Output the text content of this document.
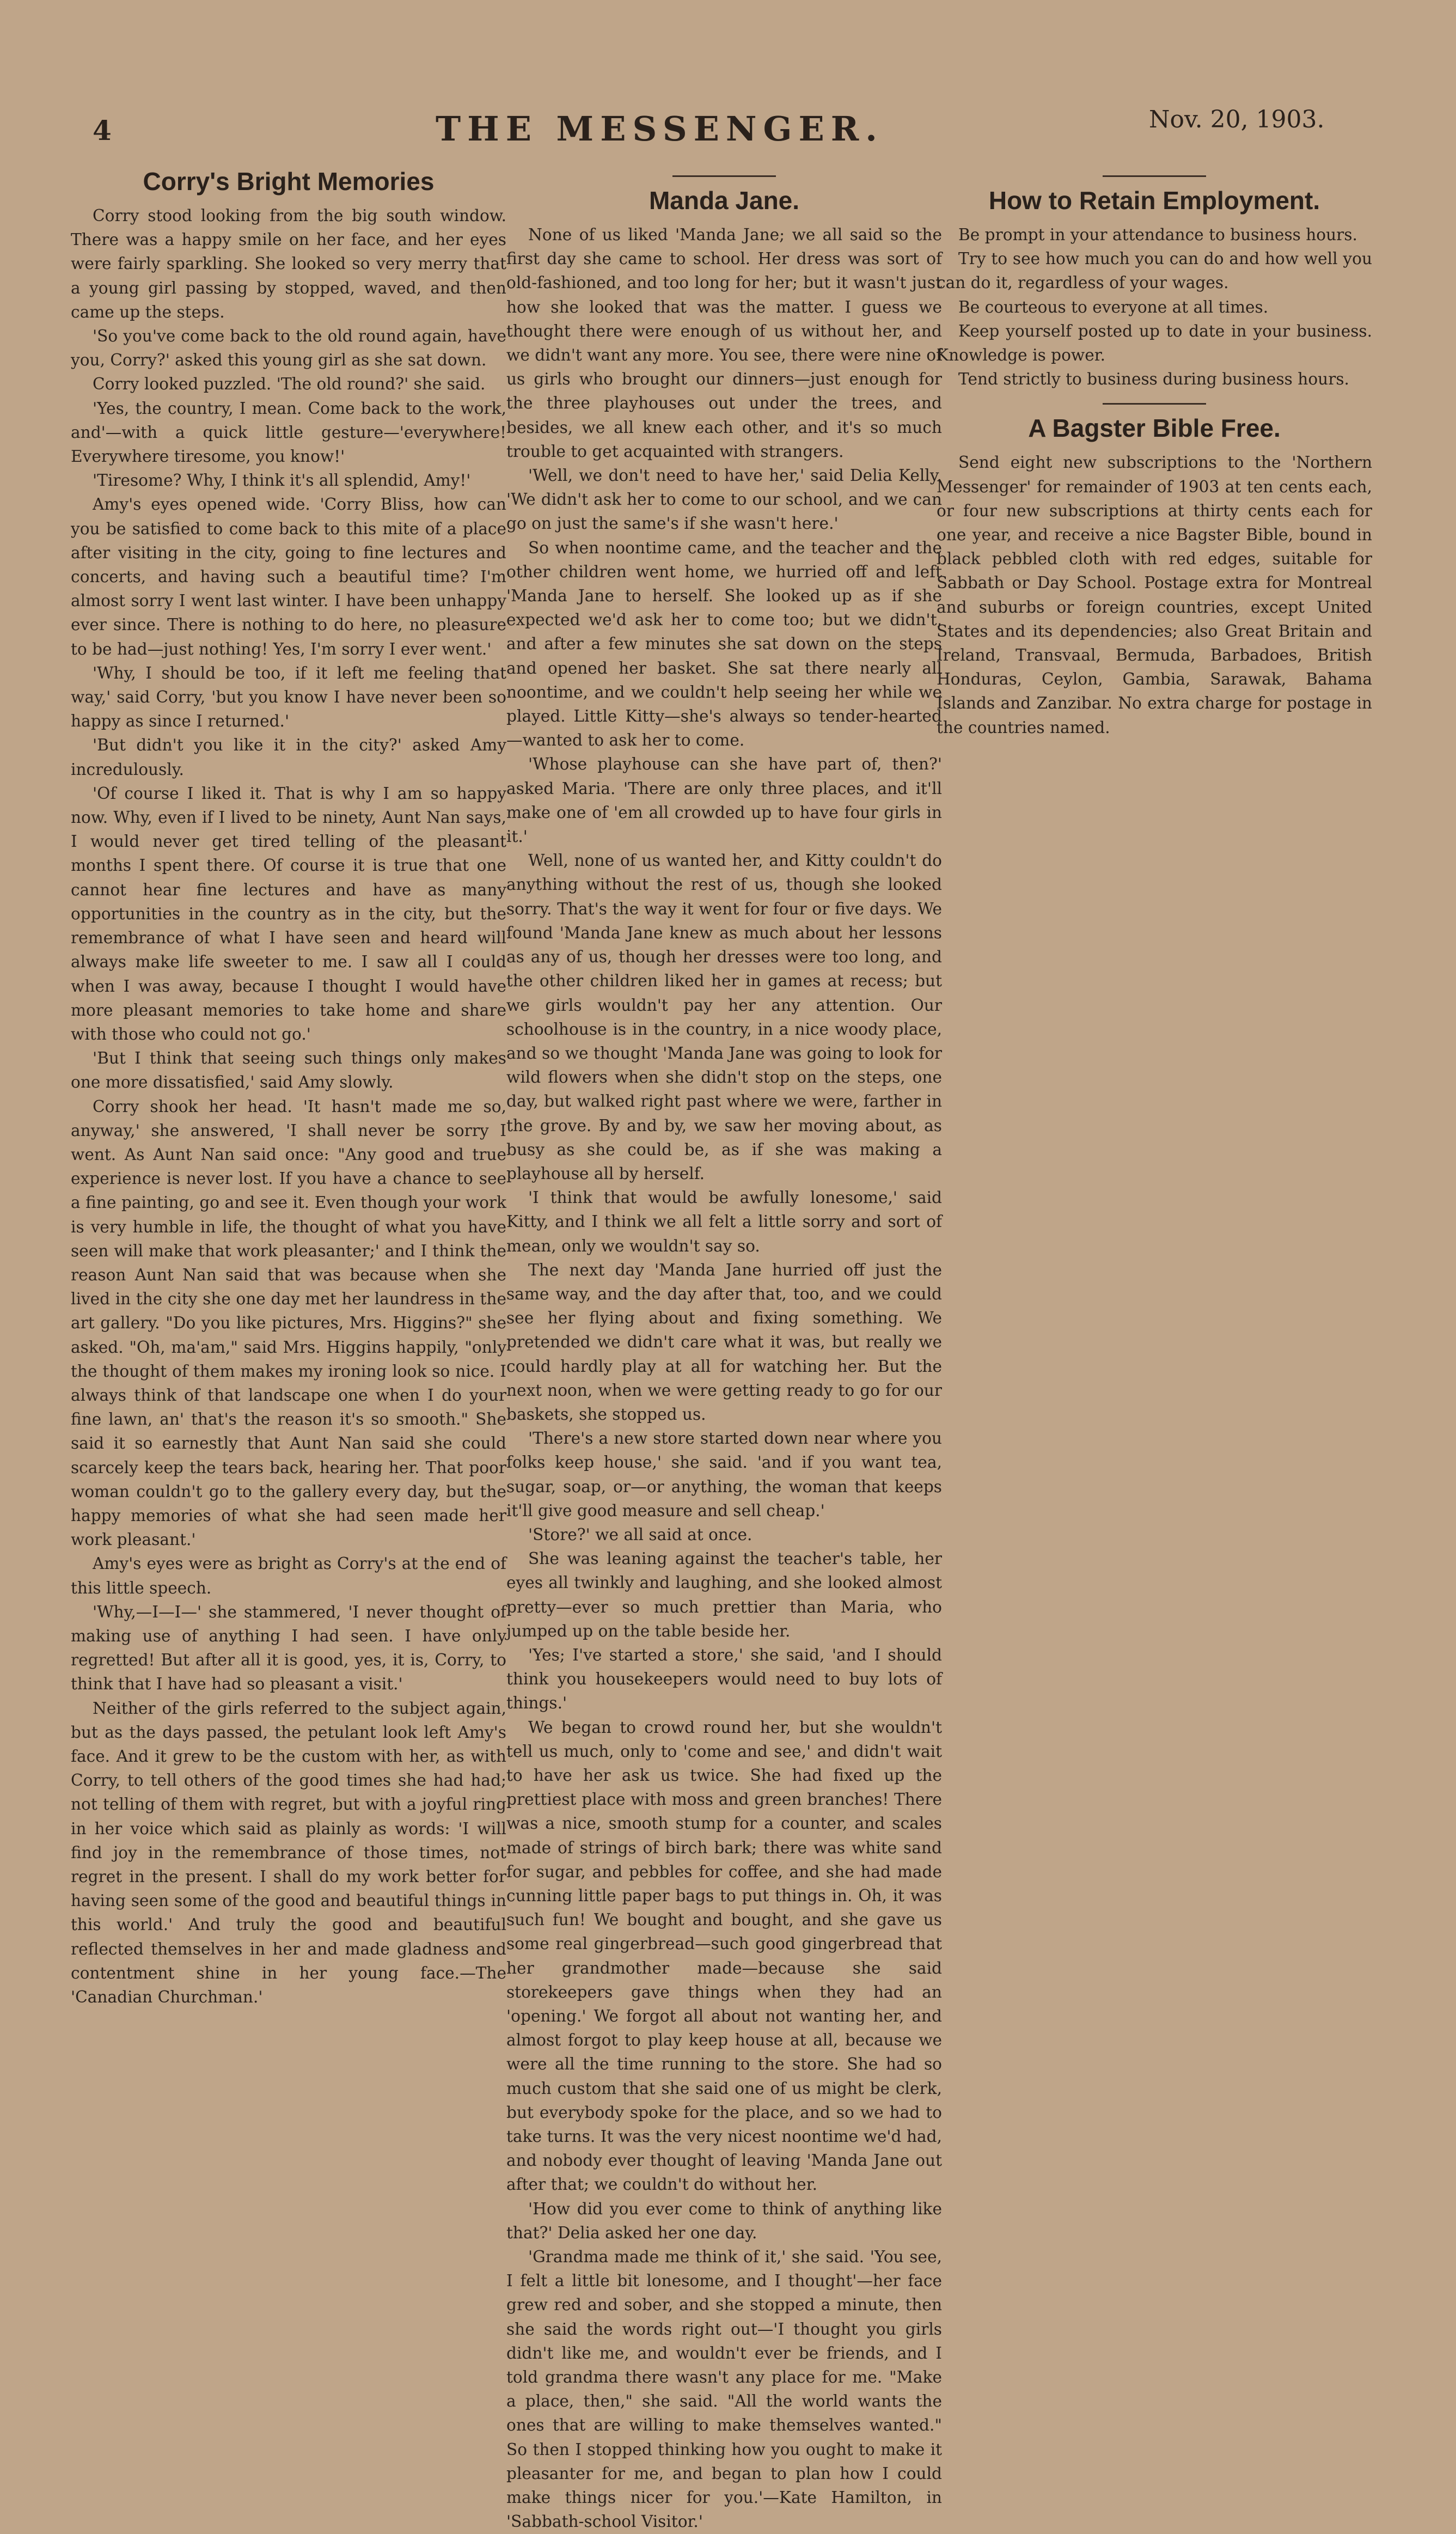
4	THE MESSENGER.	Nov. 20, 1903.
Corry's Bright Memories

Corry stood looking from the big south window. There was a happy smile on her face, and her eyes were fairly sparkling. She looked so very merry that a young girl passing by stopped, waved, and then came up the steps.

'So you've come back to the old round again, have you, Corry?' asked this young girl as she sat down.

Corry looked puzzled. 'The old round?' she said.

'Yes, the country, I mean. Come back to the work, and'—with a quick little gesture—'everywhere! Everywhere tiresome, you know!'

'Tiresome? Why, I think it's all splendid, Amy!'

Amy's eyes opened wide. 'Corry Bliss, how can you be satisfied to come back to this mite of a place after visiting in the city, going to fine lectures and concerts, and having such a beautiful time? I'm almost sorry I went last winter. I have been unhappy ever since. There is nothing to do here, no pleasure to be had—just nothing! Yes, I'm sorry I ever went.'

'Why, I should be too, if it left me feeling that way,' said Corry, 'but you know I have never been so happy as since I returned.'

'But didn't you like it in the city?' asked Amy incredulously.

'Of course I liked it. That is why I am so happy now. Why, even if I lived to be ninety, Aunt Nan says, I would never get tired telling of the pleasant months I spent there. Of course it is true that one cannot hear fine lectures and have as many opportunities in the country as in the city, but the remembrance of what I have seen and heard will always make life sweeter to me. I saw all I could when I was away, because I thought I would have more pleasant memories to take home and share with those who could not go.'

'But I think that seeing such things only makes one more dissatisfied,' said Amy slowly.

Corry shook her head. 'It hasn't made me so, anyway,' she answered, 'I shall never be sorry I went. As Aunt Nan said once: "Any good and true experience is never lost. If you have a chance to see a fine painting, go and see it. Even though your work is very humble in life, the thought of what you have seen will make that work pleasanter;' and I think the reason Aunt Nan said that was because when she lived in the city she one day met her laundress in the art gallery. "Do you like pictures, Mrs. Higgins?" she asked. "Oh, ma'am," said Mrs. Higgins happily, "only the thought of them makes my ironing look so nice. I always think of that landscape one when I do your fine lawn, an' that's the reason it's so smooth." She said it so earnestly that Aunt Nan said she could scarcely keep the tears back, hearing her. That poor woman couldn't go to the gallery every day, but the happy memories of what she had seen made her work pleasant.'

Amy's eyes were as bright as Corry's at the end of this little speech.

'Why,—I—I—' she stammered, 'I never thought of making use of anything I had seen. I have only regretted! But after all it is good, yes, it is, Corry, to think that I have had so pleasant a visit.'

Neither of the girls referred to the subject again, but as the days passed, the petulant look left Amy's face. And it grew to be the custom with her, as with Corry, to tell others of the good times she had had; not telling of them with regret, but with a joyful ring in her voice which said as plainly as words: 'I will find joy in the remembrance of those times, not regret in the present. I shall do my work better for having seen some of the good and beautiful things in this world.' And truly the good and beautiful reflected themselves in her and made gladness and contentment shine in her young face.—The 'Canadian Churchman.'

Manda Jane.

None of us liked 'Manda Jane; we all said so the first day she came to school. Her dress was sort of old-fashioned, and too long for her; but it wasn't just how she looked that was the matter. I guess we thought there were enough of us without her, and we didn't want any more. You see, there were nine of us girls who brought our dinners—just enough for the three playhouses out under the trees, and besides, we all knew each other, and it's so much trouble to get acquainted with strangers.

'Well, we don't need to have her,' said Delia Kelly. 'We didn't ask her to come to our school, and we can go on just the same's if she wasn't here.'

So when noontime came, and the teacher and the other children went home, we hurried off and left 'Manda Jane to herself. She looked up as if she expected we'd ask her to come too; but we didn't, and after a few minutes she sat down on the steps and opened her basket. She sat there nearly all noontime, and we couldn't help seeing her while we played. Little Kitty—she's always so tender-hearted—wanted to ask her to come.

'Whose playhouse can she have part of, then?' asked Maria. 'There are only three places, and it'll make one of 'em all crowded up to have four girls in it.'

Well, none of us wanted her, and Kitty couldn't do anything without the rest of us, though she looked sorry. That's the way it went for four or five days. We found 'Manda Jane knew as much about her lessons as any of us, though her dresses were too long, and the other children liked her in games at recess; but we girls wouldn't pay her any attention. Our schoolhouse is in the country, in a nice woody place, and so we thought 'Manda Jane was going to look for wild flowers when she didn't stop on the steps, one day, but walked right past where we were, farther in the grove. By and by, we saw her moving about, as busy as she could be, as if she was making a playhouse all by herself.

'I think that would be awfully lonesome,' said Kitty, and I think we all felt a little sorry and sort of mean, only we wouldn't say so.

The next day 'Manda Jane hurried off just the same way, and the day after that, too, and we could see her flying about and fixing something. We pretended we didn't care what it was, but really we could hardly play at all for watching her. But the next noon, when we were getting ready to go for our baskets, she stopped us.

'There's a new store started down near where you folks keep house,' she said. 'and if you want tea, sugar, soap, or—or anything, the woman that keeps it'll give good measure and sell cheap.'

'Store?' we all said at once.

She was leaning against the teacher's table, her eyes all twinkly and laughing, and she looked almost pretty—ever so much prettier than Maria, who jumped up on the table beside her.

'Yes; I've started a store,' she said, 'and I should think you housekeepers would need to buy lots of things.'

We began to crowd round her, but she wouldn't tell us much, only to 'come and see,' and didn't wait to have her ask us twice. She had fixed up the prettiest place with moss and green branches! There was a nice, smooth stump for a counter, and scales made of strings of birch bark; there was white sand for sugar, and pebbles for coffee, and she had made cunning little paper bags to put things in. Oh, it was such fun! We bought and bought, and she gave us some real gingerbread—such good gingerbread that her grandmother made—because she said storekeepers gave things when they had an 'opening.' We forgot all about not wanting her, and almost forgot to play keep house at all, because we were all the time running to the store. She had so much custom that she said one of us might be clerk, but everybody spoke for the place, and so we had to take turns. It was the very nicest noontime we'd had, and nobody ever thought of leaving 'Manda Jane out after that; we couldn't do without her.

'How did you ever come to think of anything like that?' Delia asked her one day.

'Grandma made me think of it,' she said. 'You see, I felt a little bit lonesome, and I thought'—her face grew red and sober, and she stopped a minute, then she said the words right out—'I thought you girls didn't like me, and wouldn't ever be friends, and I told grandma there wasn't any place for me. "Make a place, then," she said. "All the world wants the ones that are willing to make themselves wanted." So then I stopped thinking how you ought to make it pleasanter for me, and began to plan how I could make things nicer for you.'—Kate Hamilton, in 'Sabbath-school Visitor.'

How to Retain Employment.

Be prompt in your attendance to business hours.

Try to see how much you can do and how well you can do it, regardless of your wages.

Be courteous to everyone at all times.

Keep yourself posted up to date in your business. Knowledge is power.

Tend strictly to business during business hours.

A Bagster Bible Free.

Send eight new subscriptions to the 'Northern Messenger' for remainder of 1903 at ten cents each, or four new subscriptions at thirty cents each for one year, and receive a nice Bagster Bible, bound in black pebbled cloth with red edges, suitable for Sabbath or Day School. Postage extra for Montreal and suburbs or foreign countries, except United States and its dependencies; also Great Britain and Ireland, Transvaal, Bermuda, Barbadoes, British Honduras, Ceylon, Gambia, Sarawak, Bahama Islands and Zanzibar. No extra charge for postage in the countries named.
